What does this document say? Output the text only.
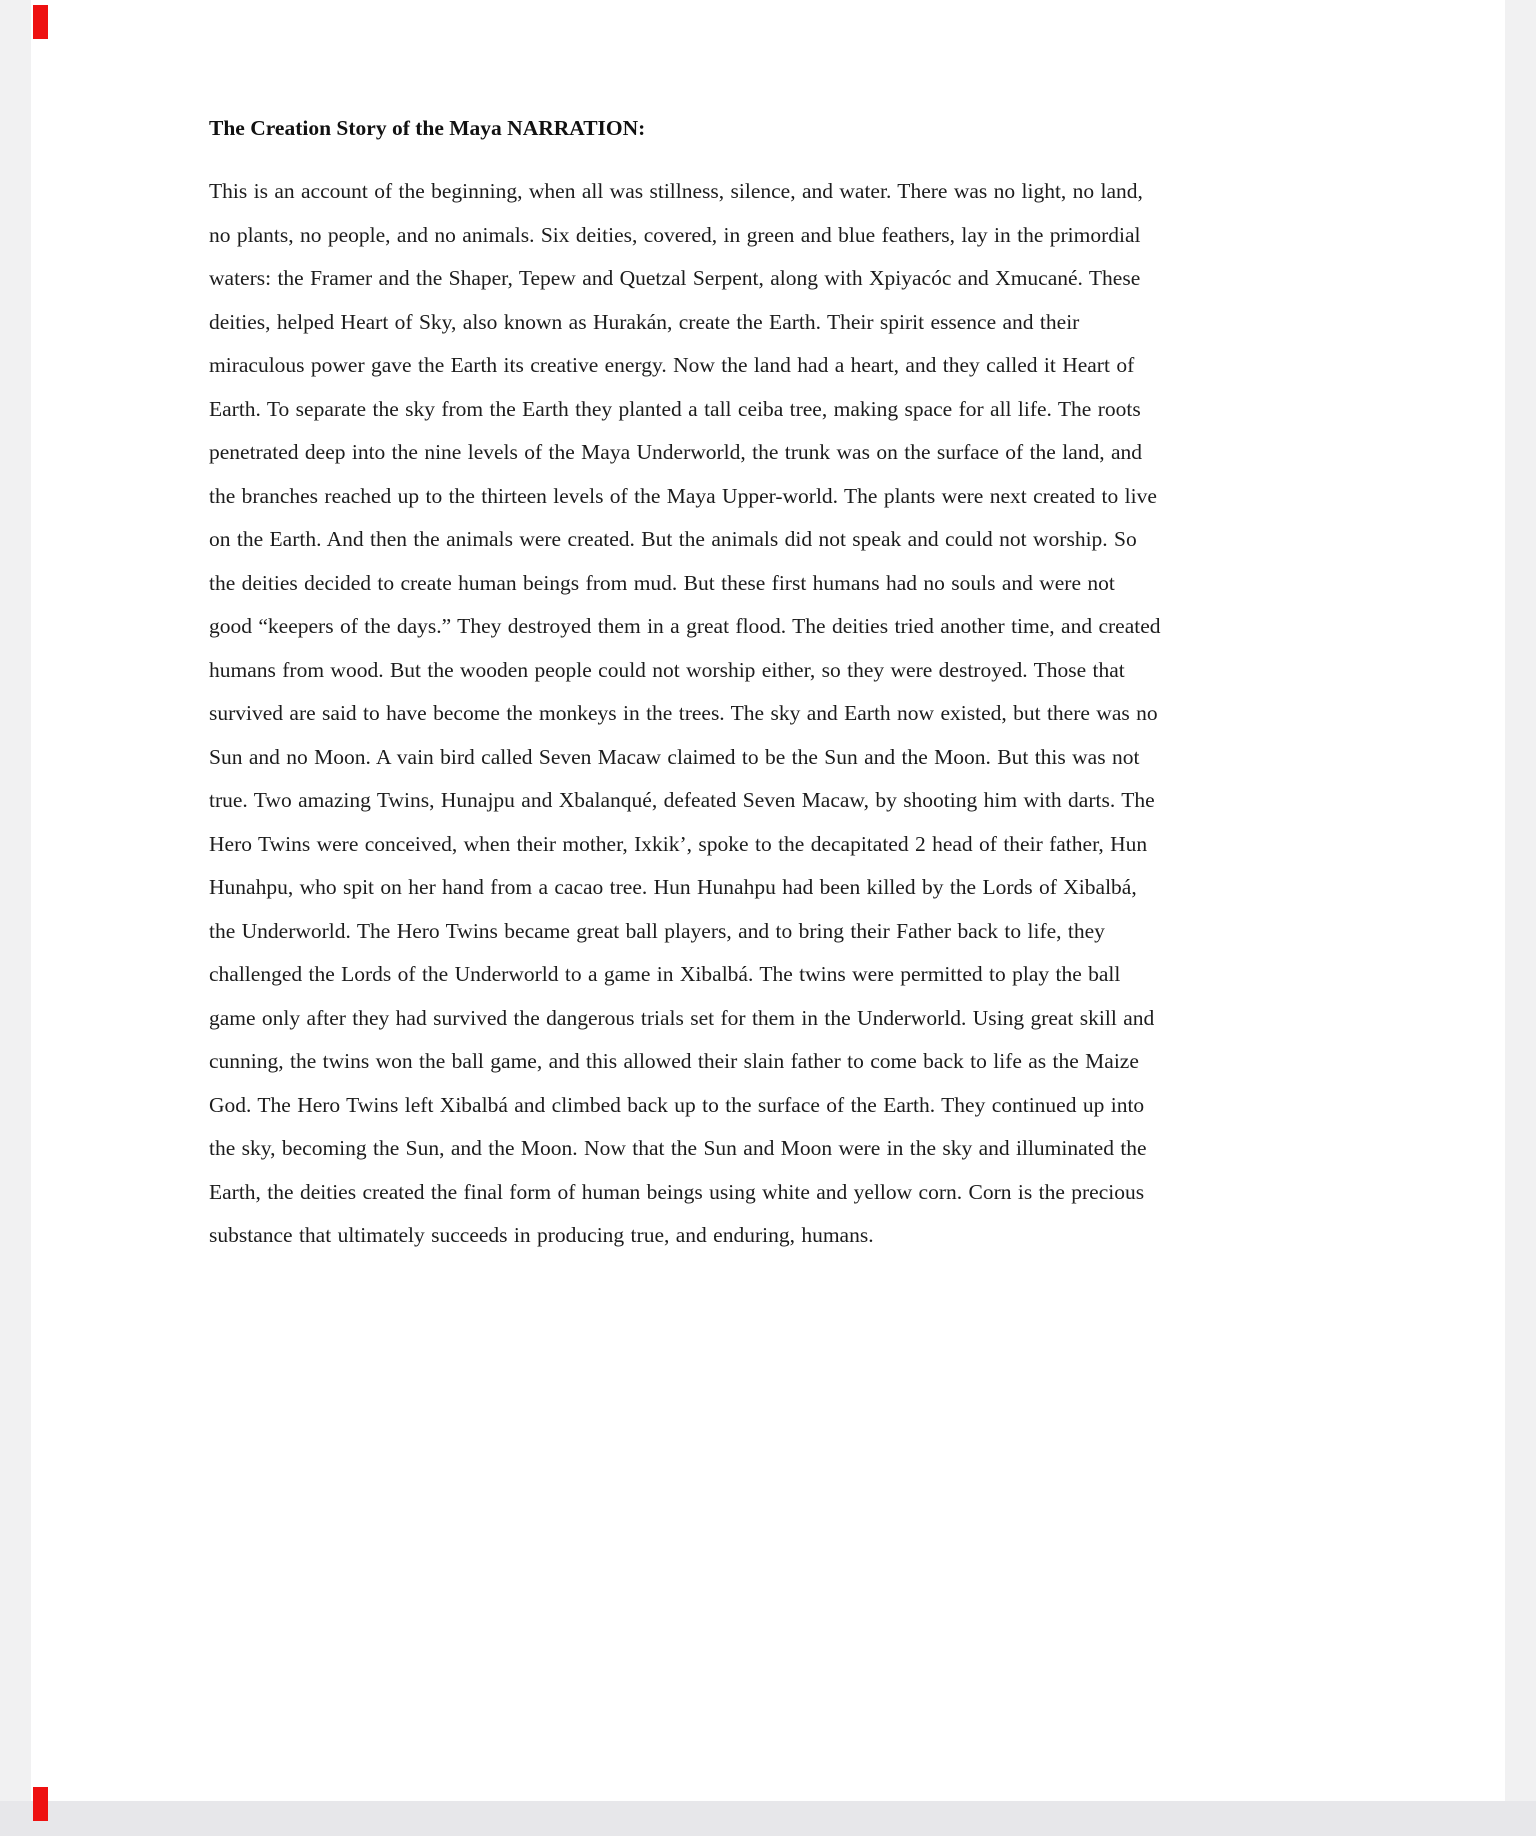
The Creation Story of the Maya NARRATION:
This is an account of the beginning, when all was stillness, silence, and water. There was no light, no land, no plants, no people, and no animals. Six deities, covered, in green and blue feathers, lay in the primordial waters: the Framer and the Shaper, Tepew and Quetzal Serpent, along with Xpiyacóc and Xmucané. These deities, helped Heart of Sky, also known as Hurakán, create the Earth. Their spirit essence and their miraculous power gave the Earth its creative energy. Now the land had a heart, and they called it Heart of Earth. To separate the sky from the Earth they planted a tall ceiba tree, making space for all life. The roots penetrated deep into the nine levels of the Maya Underworld, the trunk was on the surface of the land, and the branches reached up to the thirteen levels of the Maya Upper-world. The plants were next created to live on the Earth. And then the animals were created. But the animals did not speak and could not worship. So the deities decided to create human beings from mud. But these first humans had no souls and were not good “keepers of the days.” They destroyed them in a great flood. The deities tried another time, and created humans from wood. But the wooden people could not worship either, so they were destroyed. Those that survived are said to have become the monkeys in the trees. The sky and Earth now existed, but there was no Sun and no Moon. A vain bird called Seven Macaw claimed to be the Sun and the Moon. But this was not true. Two amazing Twins, Hunajpu and Xbalanqué, defeated Seven Macaw, by shooting him with darts. The Hero Twins were conceived, when their mother, Ixkik’, spoke to the decapitated 2 head of their father, Hun Hunahpu, who spit on her hand from a cacao tree. Hun Hunahpu had been killed by the Lords of Xibalbá, the Underworld. The Hero Twins became great ball players, and to bring their Father back to life, they challenged the Lords of the Underworld to a game in Xibalbá. The twins were permitted to play the ball game only after they had survived the dangerous trials set for them in the Underworld. Using great skill and cunning, the twins won the ball game, and this allowed their slain father to come back to life as the Maize God. The Hero Twins left Xibalbá and climbed back up to the surface of the Earth. They continued up into the sky, becoming the Sun, and the Moon. Now that the Sun and Moon were in the sky and illuminated the Earth, the deities created the final form of human beings using white and yellow corn. Corn is the precious substance that ultimately succeeds in producing true, and enduring, humans.
